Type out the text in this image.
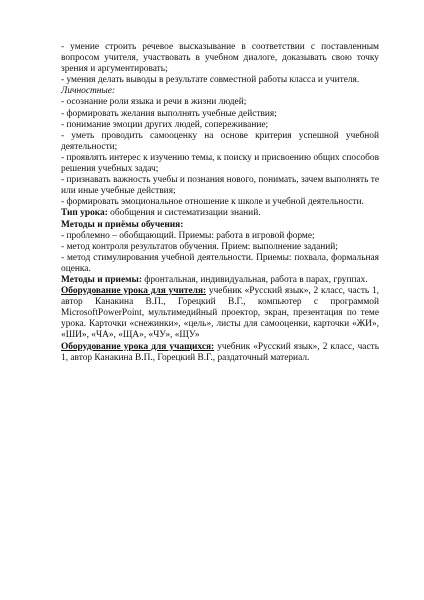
- умение строить речевое высказывание в соответствии с поставленным вопросом учителя, участвовать в учебном диалоге, доказывать свою точку зрения и аргументировать;

- умения делать выводы в результате совместной работы класса и учителя.

Личностные:

- осознание роли языка и речи в жизни людей;

- формировать желания выполнять учебные действия;

- понимание эмоции других людей, сопереживание;

- уметь проводить самооценку на основе критерия успешной учебной деятельности;

- проявлять интерес к изучению темы, к поиску и присвоению общих способов решения учебных задач;

- признавать важность учебы и познания нового, понимать, зачем выполнять те или иные учебные действия;

- формировать эмоциональное отношение к школе и учебной деятельности.

Тип урока: обобщения и систематизации знаний.

Методы и приёмы обучения:

- проблемно – обобщающий. Приемы: работа в игровой форме;

- метод контроля результатов обучения. Прием: выполнение заданий;

- метод стимулирования учебной деятельности. Приемы: похвала, формальная оценка.

Методы и приемы: фронтальная, индивидуальная, работа в парах, группах.

Оборудование урока для учителя: учебник «Русский язык», 2 класс, часть 1, автор Канакина В.П., Горецкий В.Г., компьютер с программой MicrosoftPowerPoint, мультимедийный проектор, экран, презентация по теме урока. Карточки «снежинки», «цель», листы для самооценки, карточки «ЖИ», «ШИ», «ЧА», «ЩА», «ЧУ», «ЩУ»

Оборудование урока для учащихся: учебник «Русский язык», 2 класс, часть 1, автор Канакина В.П., Горецкий В.Г., раздаточный материал.
